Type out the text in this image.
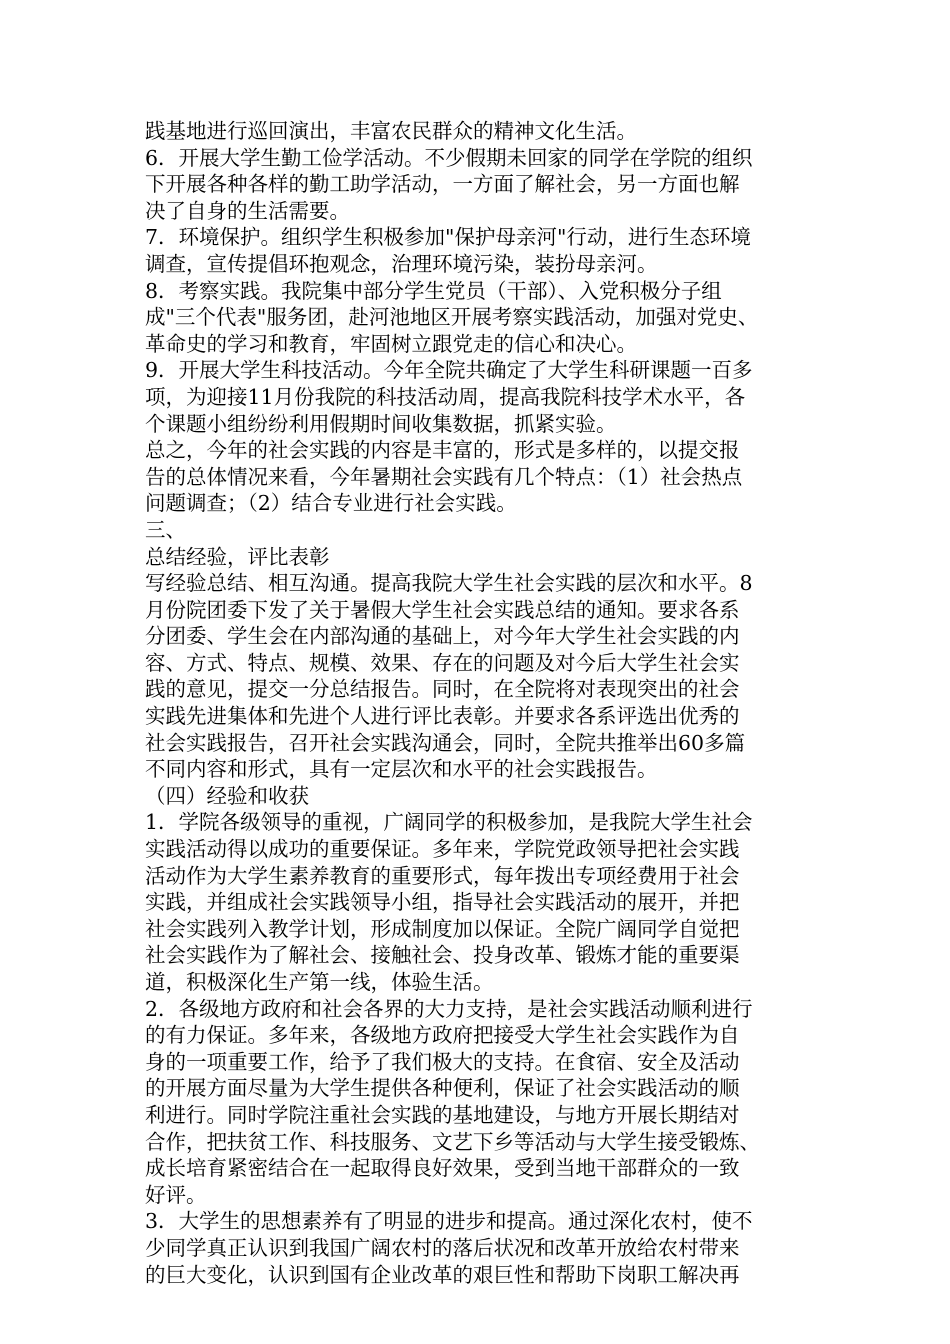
践基地进行巡回演出，丰富农民群众的精神文化生活。
6．开展大学生勤工俭学活动。不少假期未回家的同学在学院的组织
下开展各种各样的勤工助学活动，一方面了解社会，另一方面也解
决了自身的生活需要。
7．环境保护。组织学生积极参加"保护母亲河"行动，进行生态环境
调查，宣传提倡环抱观念，治理环境污染，装扮母亲河。
8．考察实践。我院集中部分学生党员（干部）、入党积极分子组
成"三个代表"服务团，赴河池地区开展考察实践活动，加强对党史、
革命史的学习和教育，牢固树立跟党走的信心和决心。
9．开展大学生科技活动。今年全院共确定了大学生科研课题一百多
项，为迎接11月份我院的科技活动周，提高我院科技学术水平，各
个课题小组纷纷利用假期时间收集数据，抓紧实验。
总之，今年的社会实践的内容是丰富的，形式是多样的，以提交报
告的总体情况来看，今年暑期社会实践有几个特点：（1）社会热点
问题调查；（2）结合专业进行社会实践。
三、
总结经验，评比表彰
写经验总结、相互沟通。提高我院大学生社会实践的层次和水平。8
月份院团委下发了关于暑假大学生社会实践总结的通知。要求各系
分团委、学生会在内部沟通的基础上，对今年大学生社会实践的内
容、方式、特点、规模、效果、存在的问题及对今后大学生社会实
践的意见，提交一分总结报告。同时，在全院将对表现突出的社会
实践先进集体和先进个人进行评比表彰。并要求各系评选出优秀的
社会实践报告，召开社会实践沟通会，同时，全院共推举出60多篇
不同内容和形式，具有一定层次和水平的社会实践报告。
（四）经验和收获
1．学院各级领导的重视，广阔同学的积极参加，是我院大学生社会
实践活动得以成功的重要保证。多年来，学院党政领导把社会实践
活动作为大学生素养教育的重要形式，每年拨出专项经费用于社会
实践，并组成社会实践领导小组，指导社会实践活动的展开，并把
社会实践列入教学计划，形成制度加以保证。全院广阔同学自觉把
社会实践作为了解社会、接触社会、投身改革、锻炼才能的重要渠
道，积极深化生产第一线，体验生活。
2．各级地方政府和社会各界的大力支持，是社会实践活动顺利进行
的有力保证。多年来，各级地方政府把接受大学生社会实践作为自
身的一项重要工作，给予了我们极大的支持。在食宿、安全及活动
的开展方面尽量为大学生提供各种便利，保证了社会实践活动的顺
利进行。同时学院注重社会实践的基地建设，与地方开展长期结对
合作，把扶贫工作、科技服务、文艺下乡等活动与大学生接受锻炼、
成长培育紧密结合在一起取得良好效果，受到当地干部群众的一致
好评。
3．大学生的思想素养有了明显的进步和提高。通过深化农村，使不
少同学真正认识到我国广阔农村的落后状况和改革开放给农村带来
的巨大变化，认识到国有企业改革的艰巨性和帮助下岗职工解决再
